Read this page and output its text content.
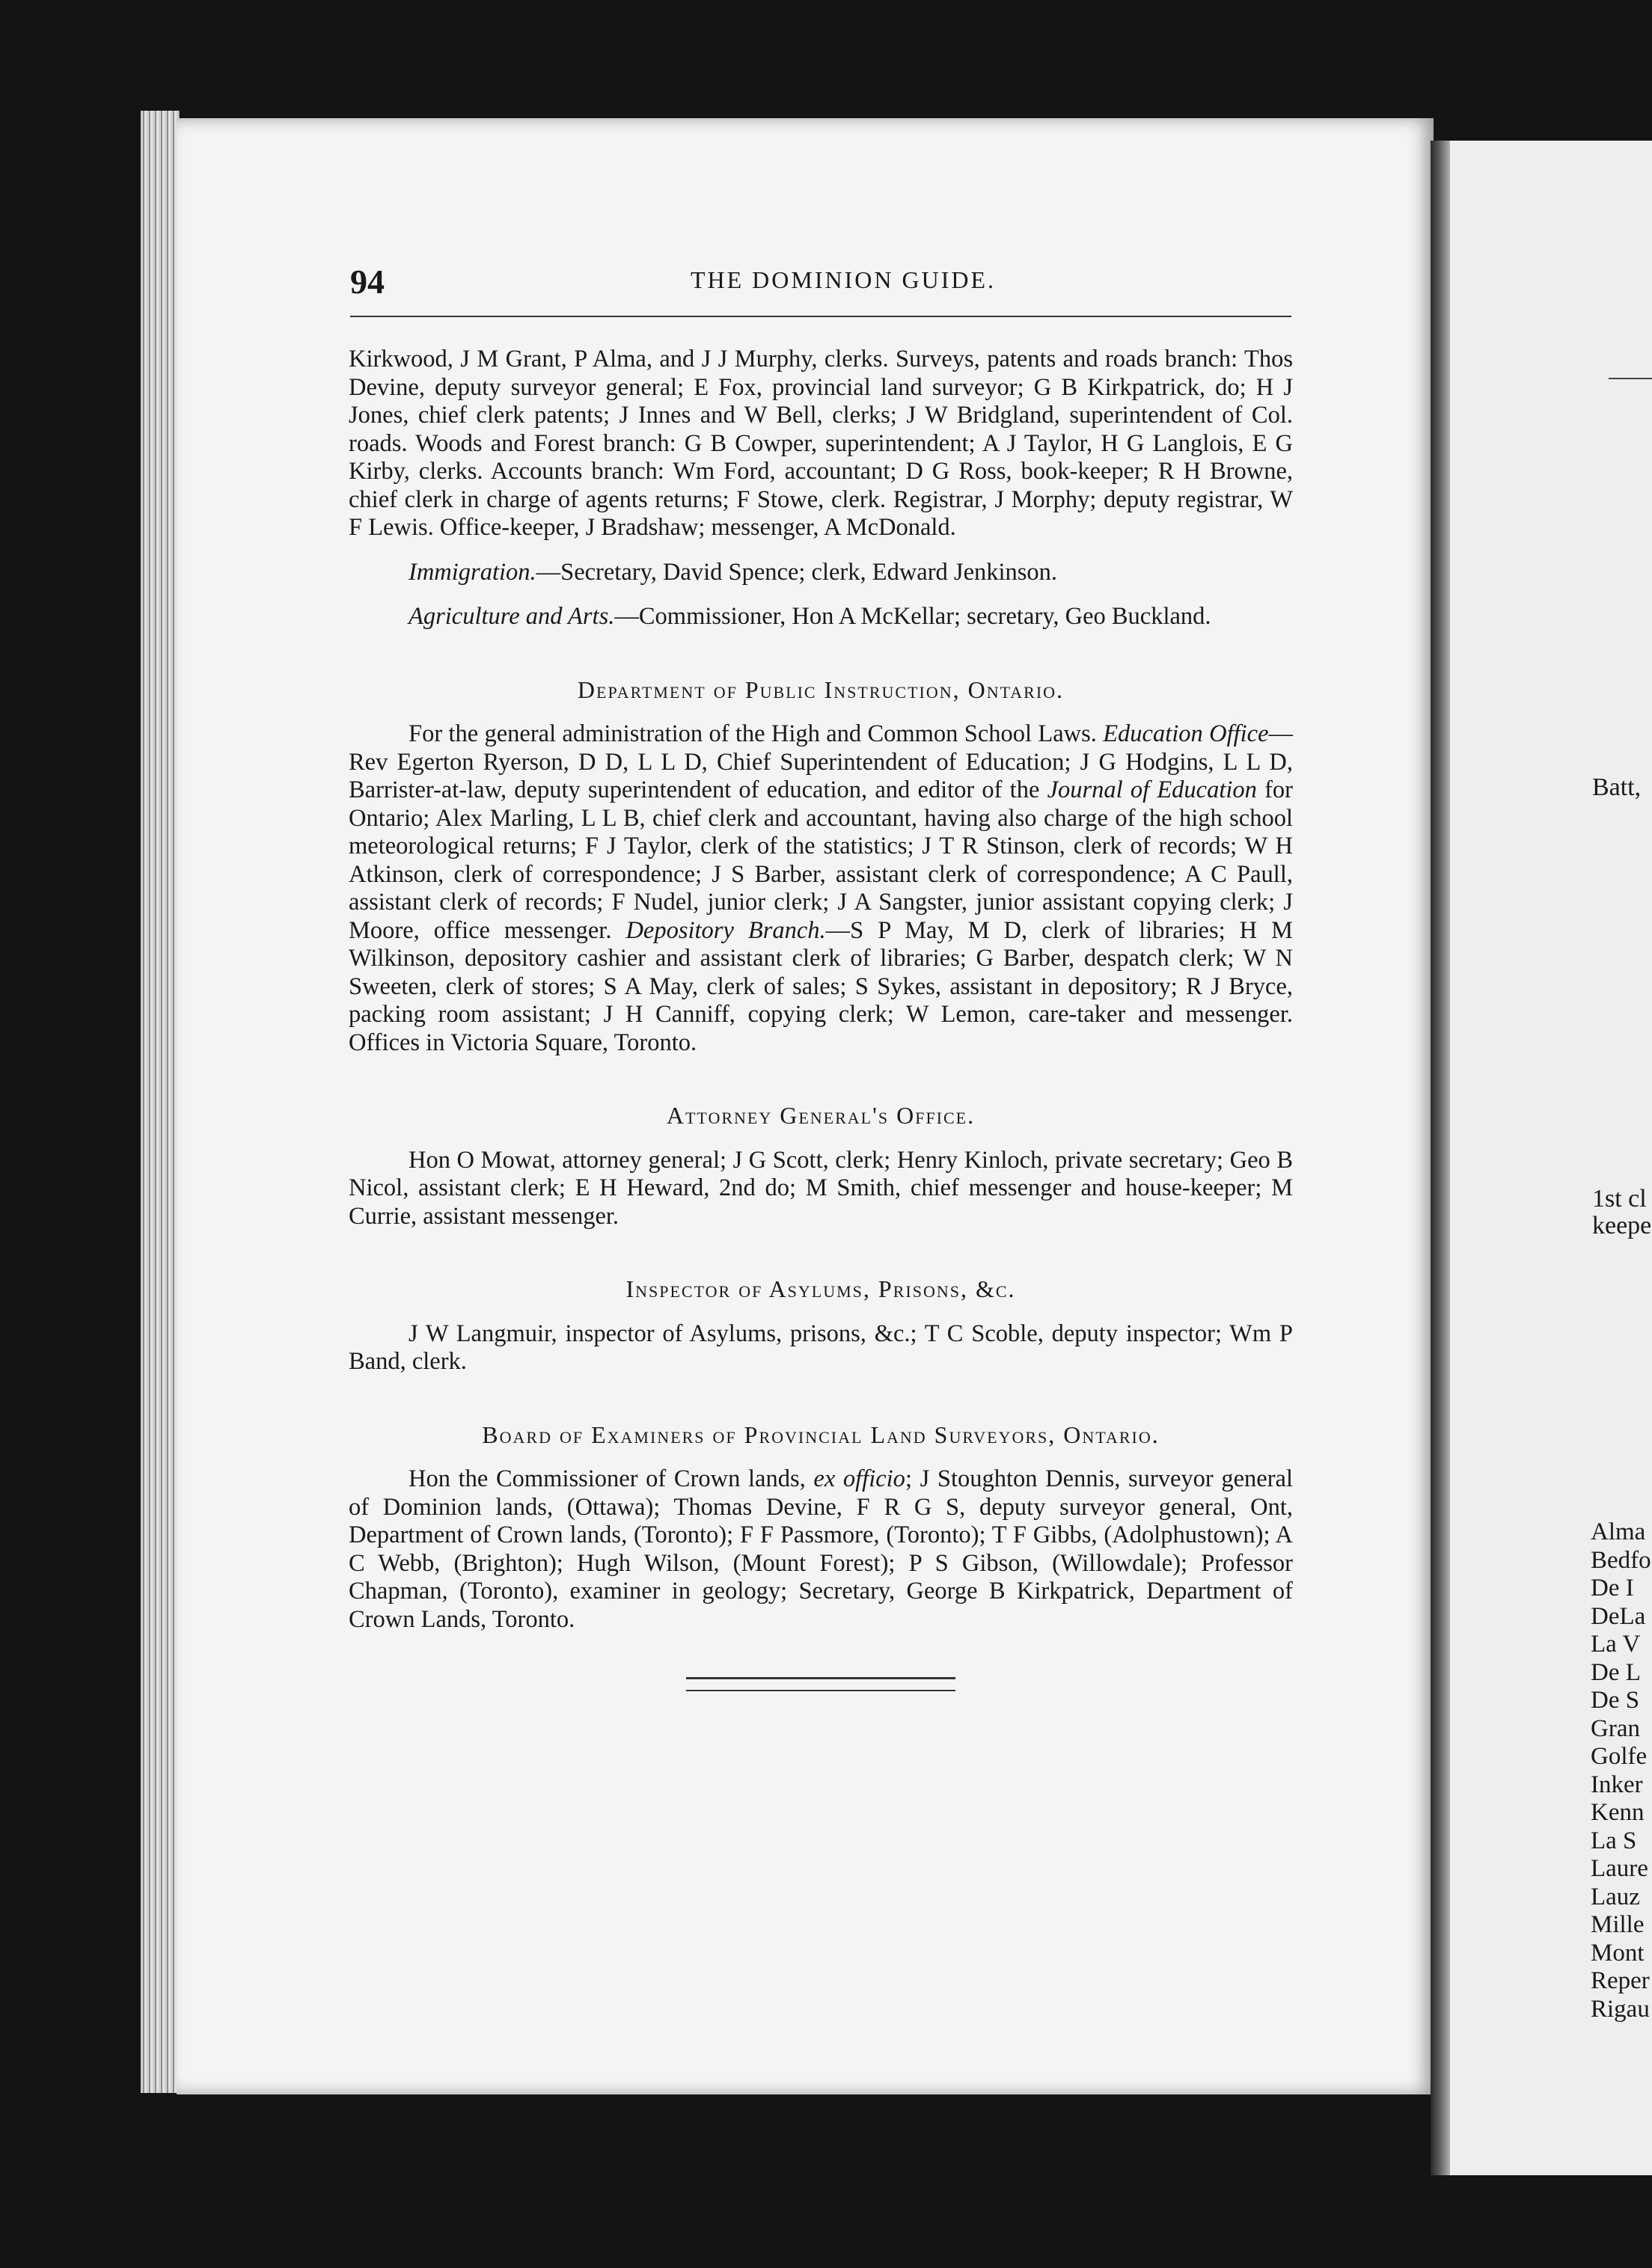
94	THE DOMINION GUIDE.

Kirkwood, J M Grant, P Alma, and J J Murphy, clerks. Surveys, patents and roads branch: Thos Devine, deputy surveyor general; E Fox, provincial land surveyor; G B Kirkpatrick, do; H J Jones, chief clerk patents; J Innes and W Bell, clerks; J W Bridgland, superintendent of Col. roads. Woods and Forest branch: G B Cowper, superintendent; A J Taylor, H G Langlois, E G Kirby, clerks. Accounts branch: Wm Ford, accountant; D G Ross, book-keeper; R H Browne, chief clerk in charge of agents returns; F Stowe, clerk. Registrar, J Morphy; deputy registrar, W F Lewis. Office-keeper, J Bradshaw; messenger, A McDonald.

Immigration.—Secretary, David Spence; clerk, Edward Jenkinson.

Agriculture and Arts.—Commissioner, Hon A McKellar; secretary, Geo Buckland.

Department of Public Instruction, Ontario.

For the general administration of the High and Common School Laws. Education Office—Rev Egerton Ryerson, D D, L L D, Chief Superintendent of Education; J G Hodgins, L L D, Barrister-at-law, deputy superintendent of education, and editor of the Journal of Education for Ontario; Alex Marling, L L B, chief clerk and accountant, having also charge of the high school meteorological returns; F J Taylor, clerk of the statistics; J T R Stinson, clerk of records; W H Atkinson, clerk of correspondence; J S Barber, assistant clerk of correspondence; A C Paull, assistant clerk of records; F Nudel, junior clerk; J A Sangster, junior assistant copying clerk; J Moore, office messenger. Depository Branch.—S P May, M D, clerk of libraries; H M Wilkinson, depository cashier and assistant clerk of libraries; G Barber, despatch clerk; W N Sweeten, clerk of stores; S A May, clerk of sales; S Sykes, assistant in depository; R J Bryce, packing room assistant; J H Canniff, copying clerk; W Lemon, care-taker and messenger. Offices in Victoria Square, Toronto.

Attorney General's Office.

Hon O Mowat, attorney general; J G Scott, clerk; Henry Kinloch, private secretary; Geo B Nicol, assistant clerk; E H Heward, 2nd do; M Smith, chief messenger and house-keeper; M Currie, assistant messenger.

Inspector of Asylums, Prisons, &c.

J W Langmuir, inspector of Asylums, prisons, &c.; T C Scoble, deputy inspector; Wm P Band, clerk.

Board of Examiners of Provincial Land Surveyors, Ontario.

Hon the Commissioner of Crown lands, ex officio; J Stoughton Dennis, surveyor general of Dominion lands, (Ottawa); Thomas Devine, F R G S, deputy surveyor general, Ont, Department of Crown lands, (Toronto); F F Passmore, (Toronto); T F Gibbs, (Adolphustown); A C Webb, (Brighton); Hugh Wilson, (Mount Forest); P S Gibson, (Willowdale); Professor Chapman, (Toronto), examiner in geology; Secretary, George B Kirkpatrick, Department of Crown Lands, Toronto.

Batt,
1st cl
keepe
Alma
Bedfo
De I
DeLa
La V
De L
De S
Gran
Golfe
Inker
Kenn
La S
Laure
Lauz
Mille
Mont
Reper
Rigau
